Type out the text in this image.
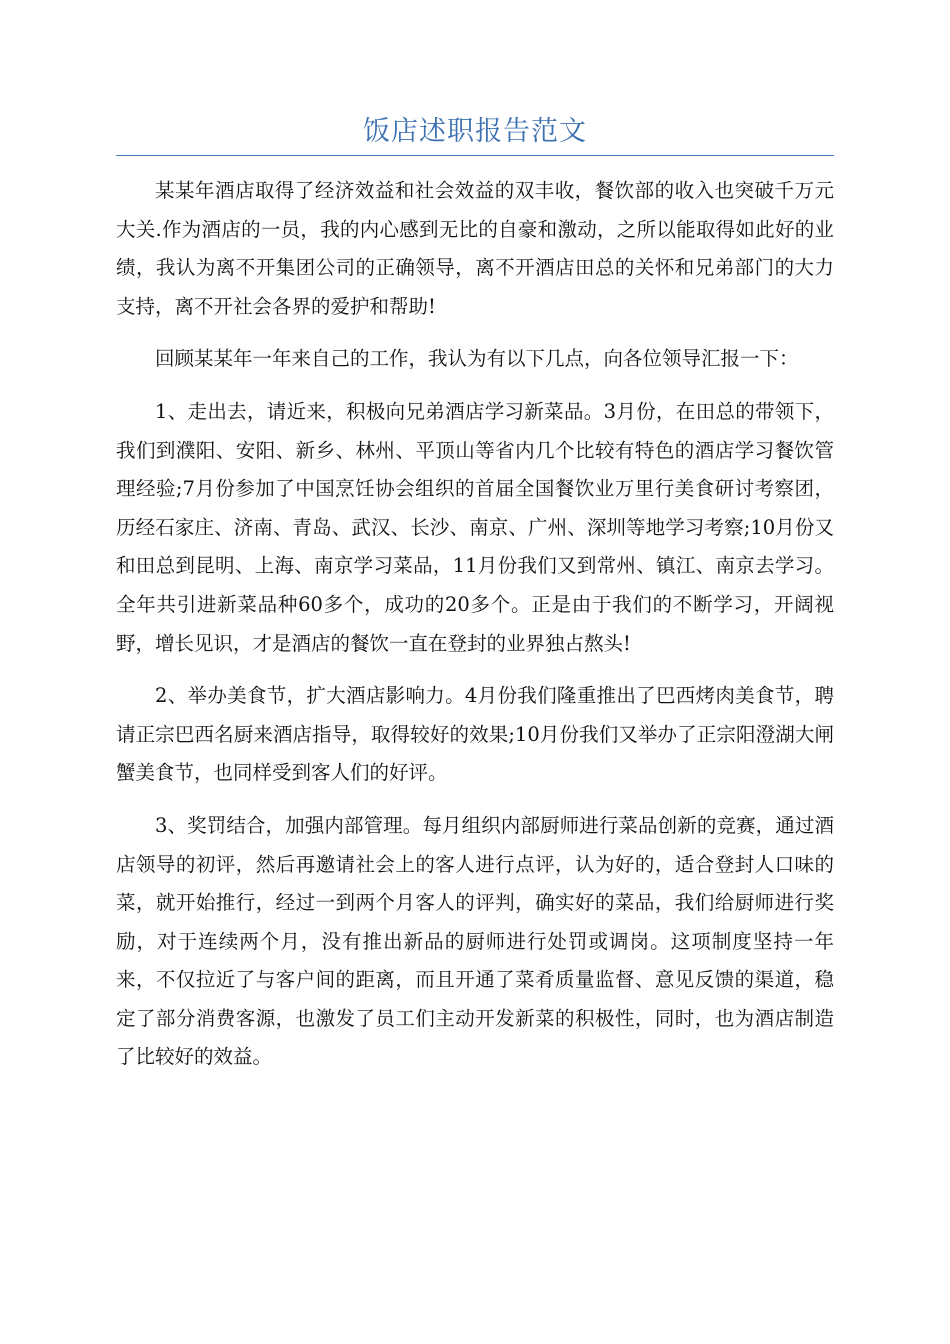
饭店述职报告范文

某某年酒店取得了经济效益和社会效益的双丰收，餐饮部的收入也突破千万元大关.作为酒店的一员，我的内心感到无比的自豪和激动，之所以能取得如此好的业绩，我认为离不开集团公司的正确领导，离不开酒店田总的关怀和兄弟部门的大力支持，离不开社会各界的爱护和帮助!

回顾某某年一年来自己的工作，我认为有以下几点，向各位领导汇报一下：

1、走出去，请近来，积极向兄弟酒店学习新菜品。3月份，在田总的带领下，我们到濮阳、安阳、新乡、林州、平顶山等省内几个比较有特色的酒店学习餐饮管理经验;7月份参加了中国烹饪协会组织的首届全国餐饮业万里行美食研讨考察团，历经石家庄、济南、青岛、武汉、长沙、南京、广州、深圳等地学习考察;10月份又和田总到昆明、上海、南京学习菜品，11月份我们又到常州、镇江、南京去学习。全年共引进新菜品种60多个，成功的20多个。正是由于我们的不断学习，开阔视野，增长见识，才是酒店的餐饮一直在登封的业界独占熬头!

2、举办美食节，扩大酒店影响力。4月份我们隆重推出了巴西烤肉美食节，聘请正宗巴西名厨来酒店指导，取得较好的效果;10月份我们又举办了正宗阳澄湖大闸蟹美食节，也同样受到客人们的好评。

3、奖罚结合，加强内部管理。每月组织内部厨师进行菜品创新的竞赛，通过酒店领导的初评，然后再邀请社会上的客人进行点评，认为好的，适合登封人口味的菜，就开始推行，经过一到两个月客人的评判，确实好的菜品，我们给厨师进行奖励，对于连续两个月，没有推出新品的厨师进行处罚或调岗。这项制度坚持一年来，不仅拉近了与客户间的距离，而且开通了菜肴质量监督、意见反馈的渠道，稳定了部分消费客源，也激发了员工们主动开发新菜的积极性，同时，也为酒店制造了比较好的效益。
